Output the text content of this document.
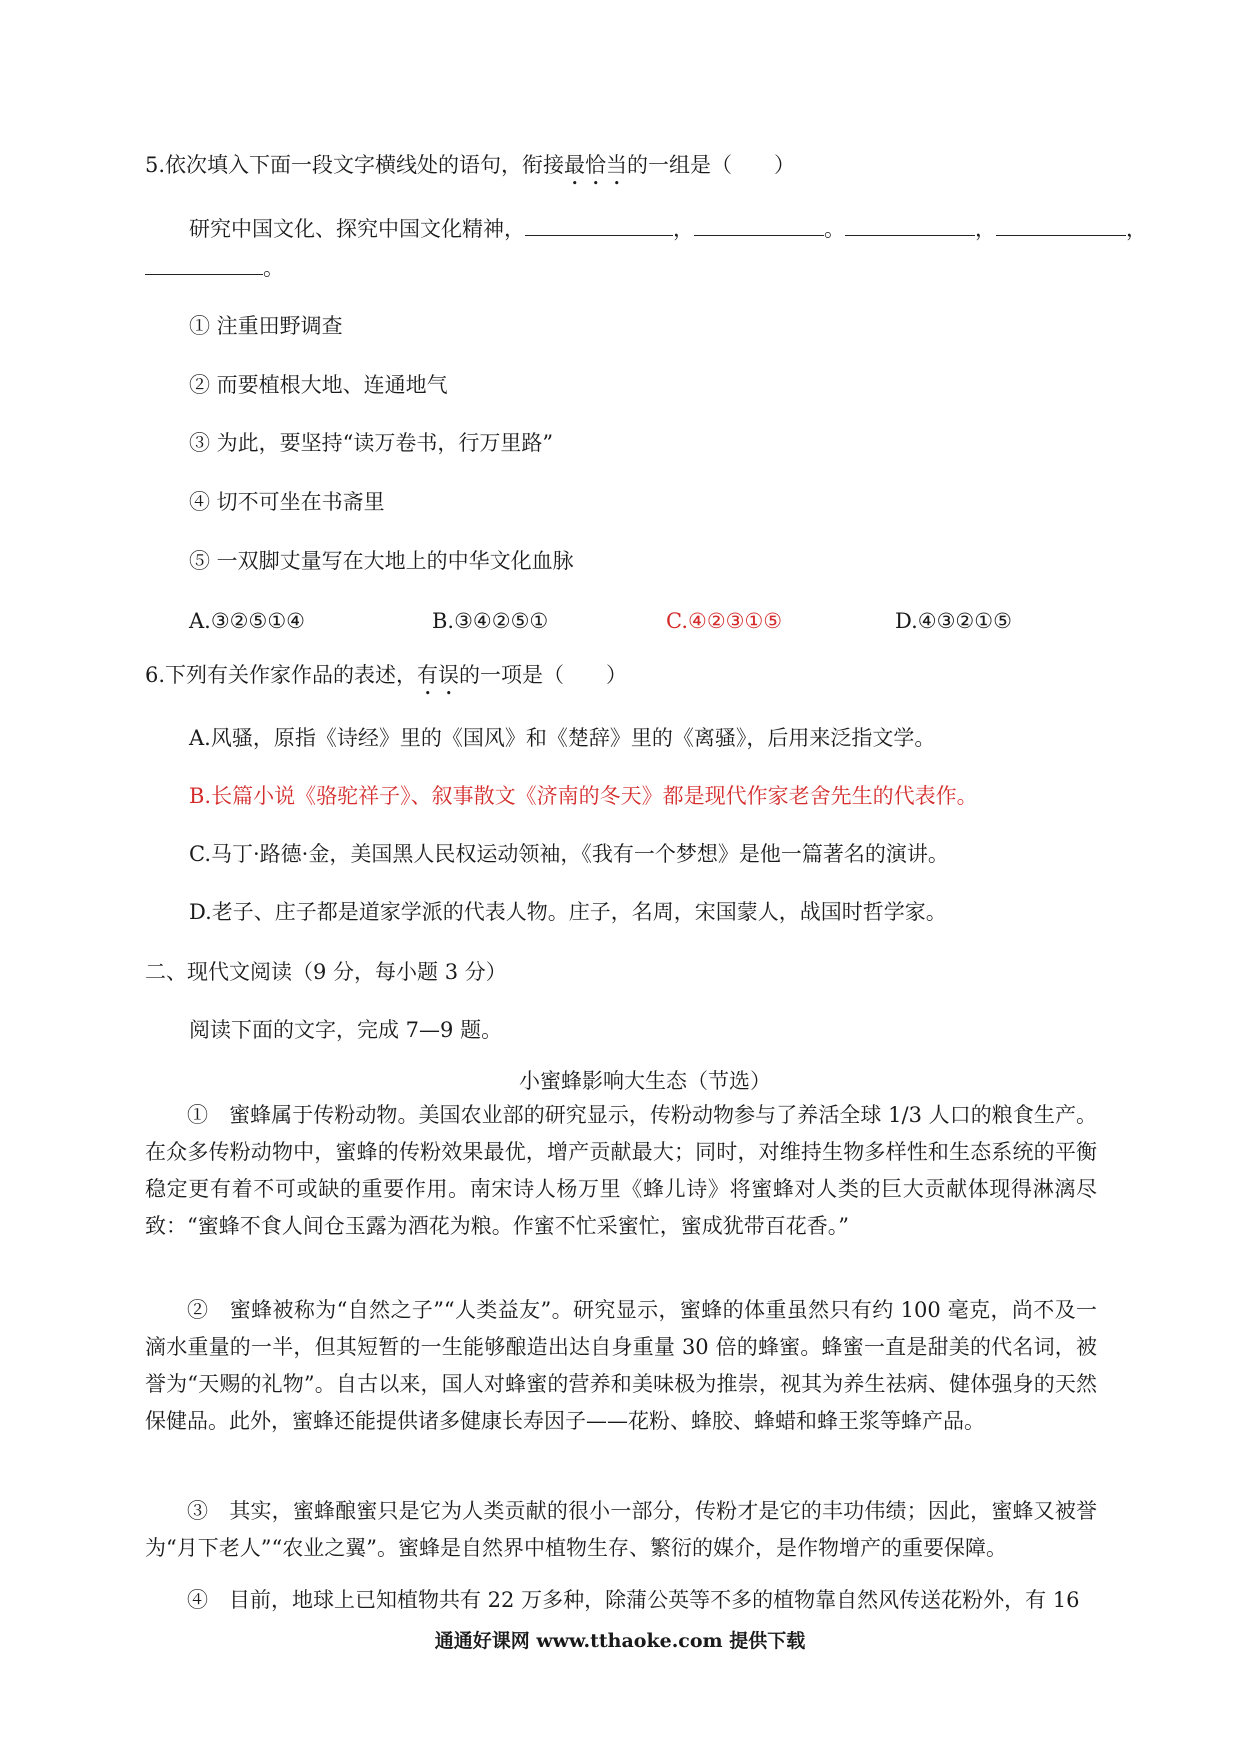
5.依次填入下面一段文字横线处的语句，衔接最恰当的一组是（　　）
研究中国文化、探究中国文化精神，	，	。	，	，
。
① 注重田野调查
② 而要植根大地、连通地气
③ 为此，要坚持“读万卷书，行万里路”
④ 切不可坐在书斋里
⑤ 一双脚丈量写在大地上的中华文化血脉
A.③②⑤①④	B.③④②⑤①	C.④②③①⑤	D.④③②①⑤
6.下列有关作家作品的表述，有误的一项是（　　）
A.风骚，原指《诗经》里的《国风》和《楚辞》里的《离骚》，后用来泛指文学。
B.长篇小说《骆驼祥子》、叙事散文《济南的冬天》都是现代作家老舍先生的代表作。
C.马丁·路德·金，美国黑人民权运动领袖，《我有一个梦想》是他一篇著名的演讲。
D.老子、庄子都是道家学派的代表人物。庄子，名周，宋国蒙人，战国时哲学家。
二、现代文阅读（9 分，每小题 3 分）
阅读下面的文字，完成 7—9 题。
小蜜蜂影响大生态（节选）

①　蜜蜂属于传粉动物。美国农业部的研究显示，传粉动物参与了养活全球 1/3 人口的粮食生产。在众多传粉动物中，蜜蜂的传粉效果最优，增产贡献最大；同时，对维持生物多样性和生态系统的平衡稳定更有着不可或缺的重要作用。南宋诗人杨万里《蜂儿诗》将蜜蜂对人类的巨大贡献体现得淋漓尽致：“蜜蜂不食人间仓玉露为酒花为粮。作蜜不忙采蜜忙，蜜成犹带百花香。”

②　蜜蜂被称为“自然之子”“人类益友”。研究显示，蜜蜂的体重虽然只有约 100 毫克，尚不及一滴水重量的一半，但其短暂的一生能够酿造出达自身重量 30 倍的蜂蜜。蜂蜜一直是甜美的代名词，被誉为“天赐的礼物”。自古以来，国人对蜂蜜的营养和美味极为推崇，视其为养生祛病、健体强身的天然保健品。此外，蜜蜂还能提供诸多健康长寿因子——花粉、蜂胶、蜂蜡和蜂王浆等蜂产品。

③　其实，蜜蜂酿蜜只是它为人类贡献的很小一部分，传粉才是它的丰功伟绩；因此，蜜蜂又被誉为“月下老人”“农业之翼”。蜜蜂是自然界中植物生存、繁衍的媒介，是作物增产的重要保障。

④　目前，地球上已知植物共有 22 万多种，除蒲公英等不多的植物靠自然风传送花粉外，有 16

通通好课网 www.tthaoke.com 提供下载
